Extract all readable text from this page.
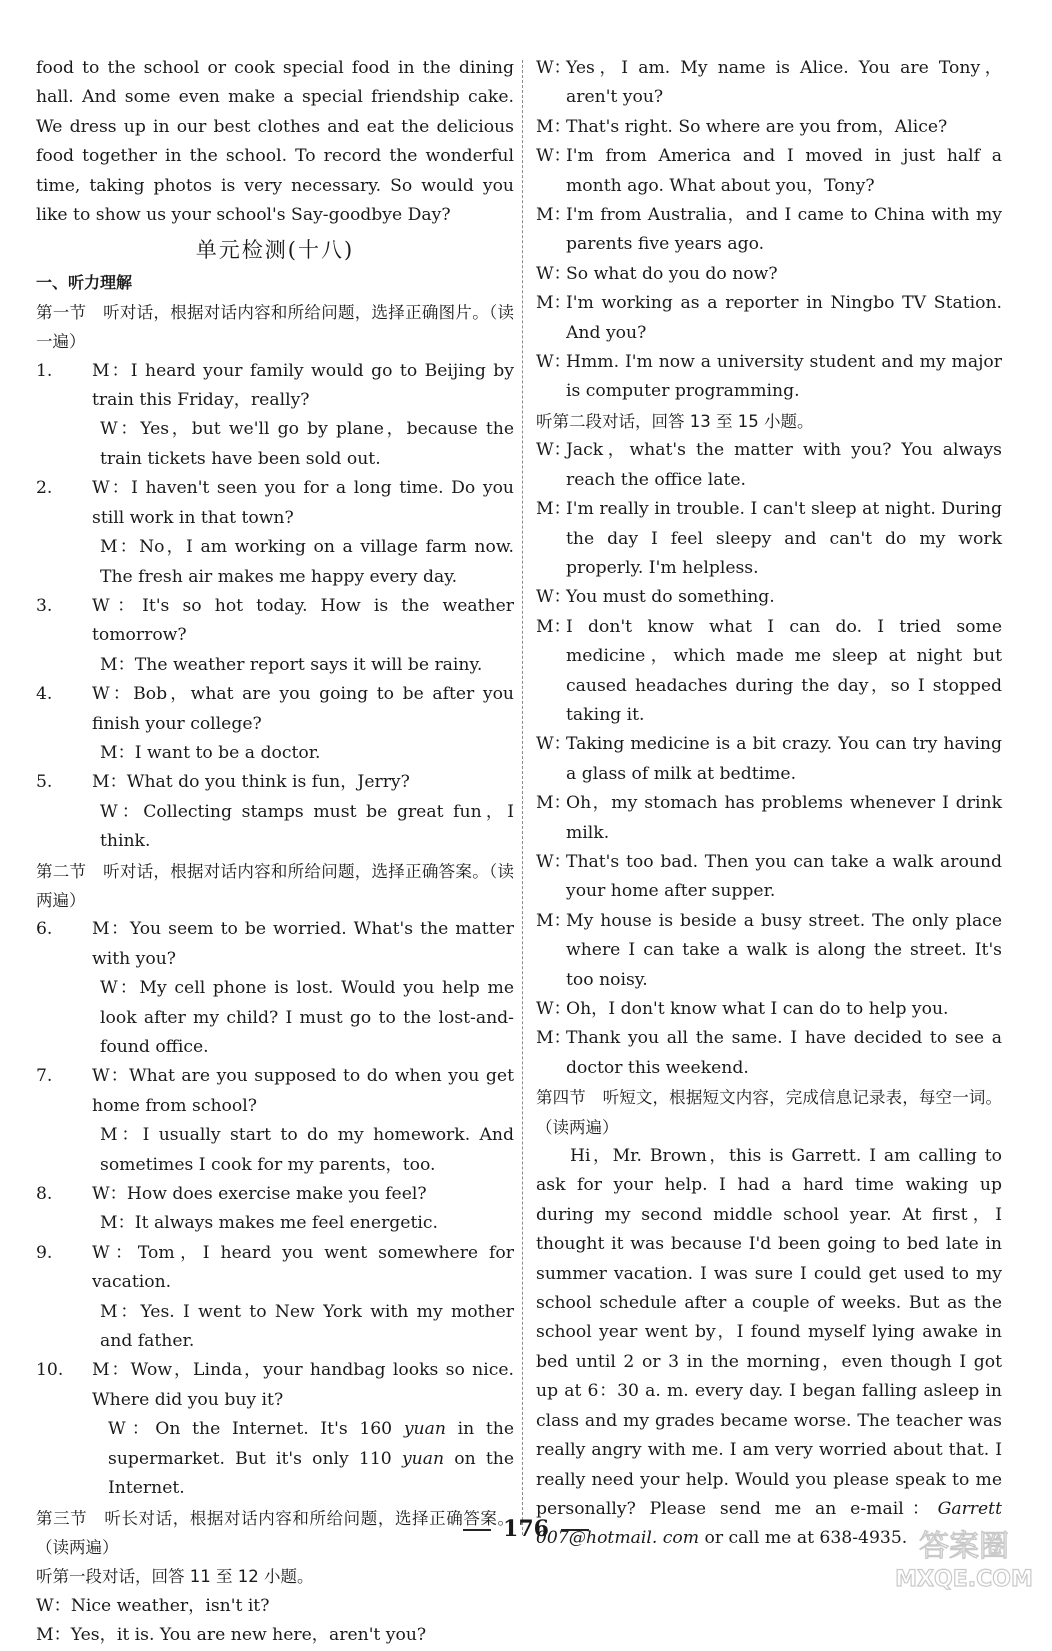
food to the school or cook special food in the dining hall. And some even make a special friendship cake. We dress up in our best clothes and eat the delicious food together in the school. To record the wonderful time, taking photos is very necessary. So would you like to show us your school's Say-goodbye Day?

单元检测(十八)

一、听力理解

第一节　听对话，根据对话内容和所给问题，选择正确图片。（读一遍）

1. M：I heard your family would go to Beijing by train this Friday，really?
W：Yes，but we'll go by plane，because the train tickets have been sold out.
2. W：I haven't seen you for a long time. Do you still work in that town?
M：No，I am working on a village farm now. The fresh air makes me happy every day.
3. W：It's so hot today. How is the weather tomorrow?
M：The weather report says it will be rainy.
4. W：Bob，what are you going to be after you finish your college?
M：I want to be a doctor.
5. M：What do you think is fun，Jerry?
W：Collecting stamps must be great fun，I think.

第二节　听对话，根据对话内容和所给问题，选择正确答案。（读两遍）

6. M：You seem to be worried. What's the matter with you?
W：My cell phone is lost. Would you help me look after my child? I must go to the lost-and-found office.
7. W：What are you supposed to do when you get home from school?
M：I usually start to do my homework. And sometimes I cook for my parents，too.
8. W：How does exercise make you feel?
M：It always makes me feel energetic.
9. W：Tom，I heard you went somewhere for vacation.
M：Yes. I went to New York with my mother and father.
10. M：Wow，Linda，your handbag looks so nice. Where did you buy it?
W：On the Internet. It's 160 yuan in the supermarket. But it's only 110 yuan on the Internet.

第三节　听长对话，根据对话内容和所给问题，选择正确答案。（读两遍）

听第一段对话，回答 11 至 12 小题。

W：Nice weather，isn't it?

M：Yes，it is. You are new here，aren't you?

W：
Yes，I am. My name is Alice. You are Tony，aren't you?
M：
That's right. So where are you from，Alice?
W：
I'm from America and I moved in just half a month ago. What about you，Tony?
M：
I'm from Australia，and I came to China with my parents five years ago.
W：
So what do you do now?
M：
I'm working as a reporter in Ningbo TV Station. And you?
W：
Hmm. I'm now a university student and my major is computer programming.

听第二段对话，回答 13 至 15 小题。

W：
Jack，what's the matter with you? You always reach the office late.
M：
I'm really in trouble. I can't sleep at night. During the day I feel sleepy and can't do my work properly. I'm helpless.
W：
You must do something.
M：
I don't know what I can do. I tried some medicine，which made me sleep at night but caused headaches during the day，so I stopped taking it.
W：
Taking medicine is a bit crazy. You can try having a glass of milk at bedtime.
M：
Oh，my stomach has problems whenever I drink milk.
W：
That's too bad. Then you can take a walk around your home after supper.
M：
My house is beside a busy street. The only place where I can take a walk is along the street. It's too noisy.
W：
Oh，I don't know what I can do to help you.
M：
Thank you all the same. I have decided to see a doctor this weekend.

第四节　听短文，根据短文内容，完成信息记录表，每空一词。（读两遍）

Hi，Mr. Brown，this is Garrett. I am calling to ask for your help. I had a hard time waking up during my second middle school year. At first，I thought it was because I'd been going to bed late in summer vacation. I was sure I could get used to my school schedule after a couple of weeks. But as the school year went by，I found myself lying awake in bed until 2 or 3 in the morning，even though I got up at 6：30 a. m. every day. I began falling asleep in class and my grades became worse. The teacher was really angry with me. I am very worried about that. I really need your help. Would you please speak to me personally? Please send me an e-mail：Garrett 007@hotmail. com or call me at 638-4935.

176	答案圈
MXQE.COM
